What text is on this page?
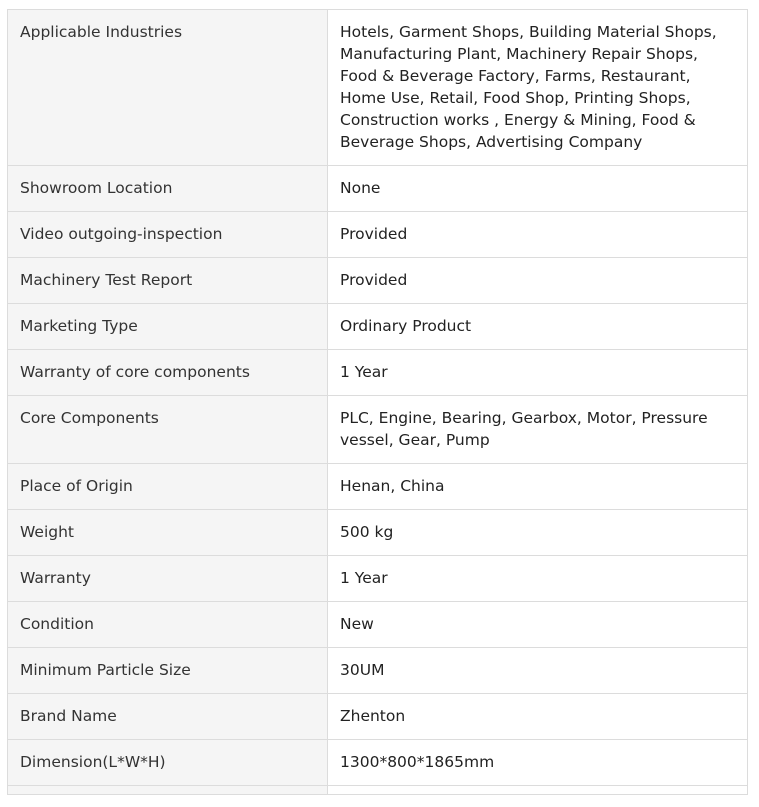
Applicable Industries	Hotels, Garment Shops, Building Material Shops, Manufacturing Plant, Machinery Repair Shops, Food & Beverage Factory, Farms, Restaurant, Home Use, Retail, Food Shop, Printing Shops, Construction works , Energy & Mining, Food & Beverage Shops, Advertising Company
Showroom Location	None
Video outgoing-inspection	Provided
Machinery Test Report	Provided
Marketing Type	Ordinary Product
Warranty of core components	1 Year
Core Components	PLC, Engine, Bearing, Gearbox, Motor, Pressure vessel, Gear, Pump
Place of Origin	Henan, China
Weight	500 kg
Warranty	1 Year
Condition	New
Minimum Particle Size	30UM
Brand Name	Zhenton
Dimension(L*W*H)	1300*800*1865mm
